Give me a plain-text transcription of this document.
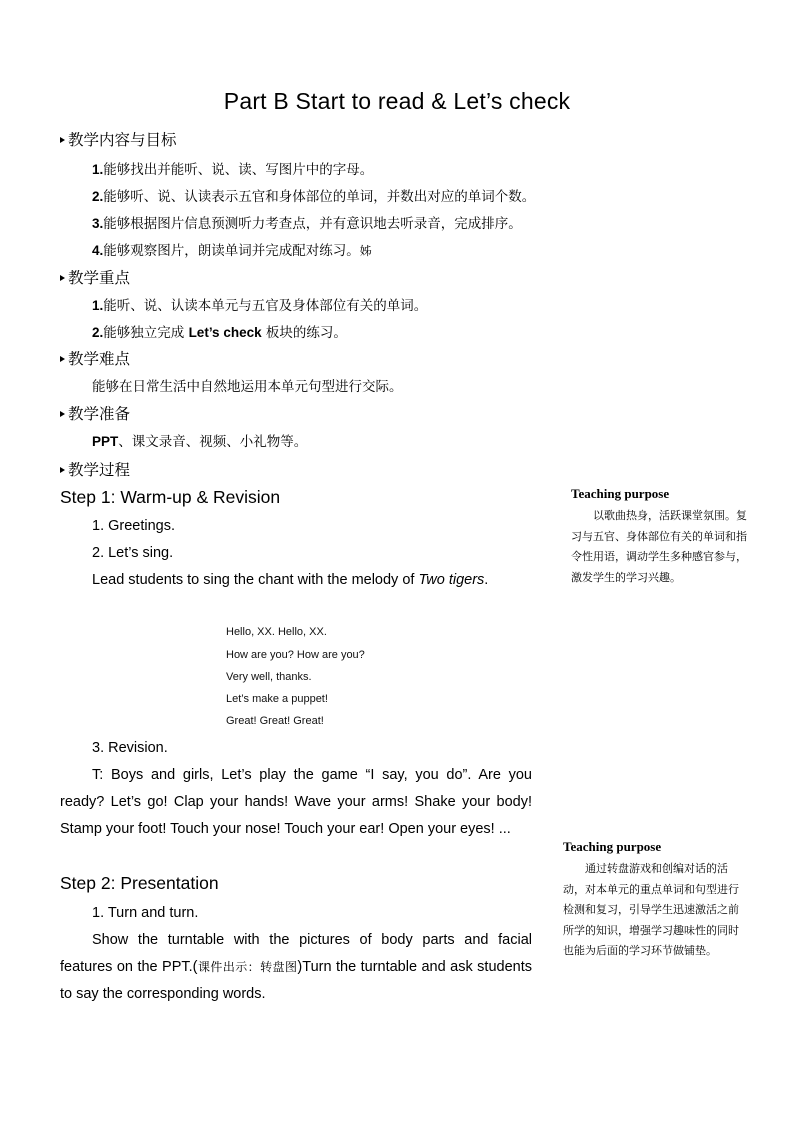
Part B Start to read & Let’s check
教学内容与目标
1.能够找出并能听、说、读、写图片中的字母。
2.能够听、说、认读表示五官和身体部位的单词，并数出对应的单词个数。
3.能够根据图片信息预测听力考查点，并有意识地去听录音，完成排序。
4.能够观察图片，朗读单词并完成配对练习。姊
教学重点
1.能听、说、认读本单元与五官及身体部位有关的单词。
2.能够独立完成 Let’s check 板块的练习。
教学难点
能够在日常生活中自然地运用本单元句型进行交际。
教学准备
PPT、课文录音、视频、小礼物等。
教学过程
Step 1: Warm-up & Revision
1. Greetings.
2. Let’s sing.
Lead students to sing the chant with the melody of Two tigers.
Hello, XX. Hello, XX.
How are you? How are you?
Very well, thanks.
Let’s make a puppet!
Great! Great! Great!
3. Revision.
T: Boys and girls, Let’s play the game “I say, you do”. Are you ready? Let’s go! Clap your hands! Wave your arms! Shake your body! Stamp your foot! Touch your nose! Touch your ear! Open your eyes! ...
Step 2: Presentation
1. Turn and turn.
Show the turntable with the pictures of body parts and facial features on the PPT.(课件出示：转盘图)Turn the turntable and ask students to say the corresponding words.
Teaching purpose
以歌曲热身，活跃课堂氛围。复习与五官、身体部位有关的单词和指令性用语，调动学生多种感官参与，激发学生的学习兴趣。
Teaching purpose
通过转盘游戏和创编对话的活动，对本单元的重点单词和句型进行检测和复习，引导学生迅速激活之前所学的知识，增强学习趣味性的同时也能为后面的学习环节做铺垫。
